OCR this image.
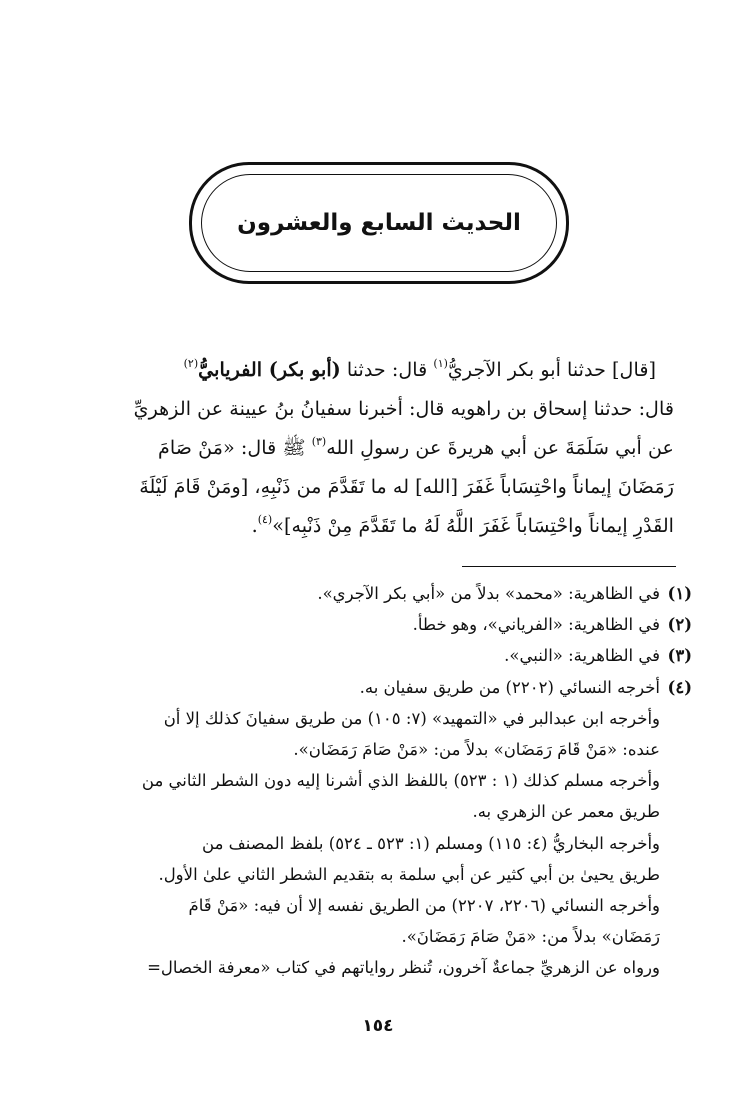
الحديث السابع والعشرون

[قال] حدثنا أبو بكر الآجريُّ$^{(١)}$ قال: حدثنا (أبو بكر) الفريابيُّ$^{(٢)}$
قال: حدثنا إسحاق بن راهويه قال: أخبرنا سفيانُ بنُ عيينة عن الزهريِّ
عن أبي سَلَمَةَ عن أبي هريرةَ عن رسولِ الله$^{(٣)}$ ﷺ قال: «مَنْ صَامَ
رَمَضَانَ إيماناً واحْتِسَاباً غَفَرَ [الله] له ما تَقَدَّمَ من ذَنْبِهِ، [ومَنْ قَامَ لَيْلَةَ
القَدْرِ إيماناً واحْتِسَاباً غَفَرَ اللَّهُ لَهُ ما تَقَدَّمَ مِنْ ذَنْبِه]»$^{(٤)}$.

(١)
في الظاهرية: «محمد» بدلاً من «أبي بكر الآجري».
(٢)
في الظاهرية: «الفرياني»، وهو خطأ.
(٣)
في الظاهرية: «النبي».
(٤)
أخرجه النسائي (٢٢٠٢) من طريق سفيان به.
وأخرجه ابن عبدالبر في «التمهيد» (٧: ١٠٥) من طريق سفيانَ كذلك إلا أن
عنده: «مَنْ قَامَ رَمَضَان» بدلاً من: «مَنْ صَامَ رَمَضَان».
وأخرجه مسلم كذلك (١ : ٥٢٣) باللفظ الذي أشرنا إليه دون الشطر الثاني من
طريق معمر عن الزهري به.
وأخرجه البخاريُّ (٤: ١١٥) ومسلم (١: ٥٢٣ ـ ٥٢٤) بلفظ المصنف من
طريق يحيىٰ بن أبي كثير عن أبي سلمة به بتقديم الشطر الثاني علىٰ الأول.
وأخرجه النسائي (٢٢٠٦، ٢٢٠٧) من الطريق نفسه إلا أن فيه: «مَنْ قَامَ
رَمَضَان» بدلاً من: «مَنْ صَامَ رَمَضَانَ».
ورواه عن الزهريِّ جماعةٌ آخرون، تُنظر رواياتهم في كتاب «معرفة الخصال=
١٥٤
